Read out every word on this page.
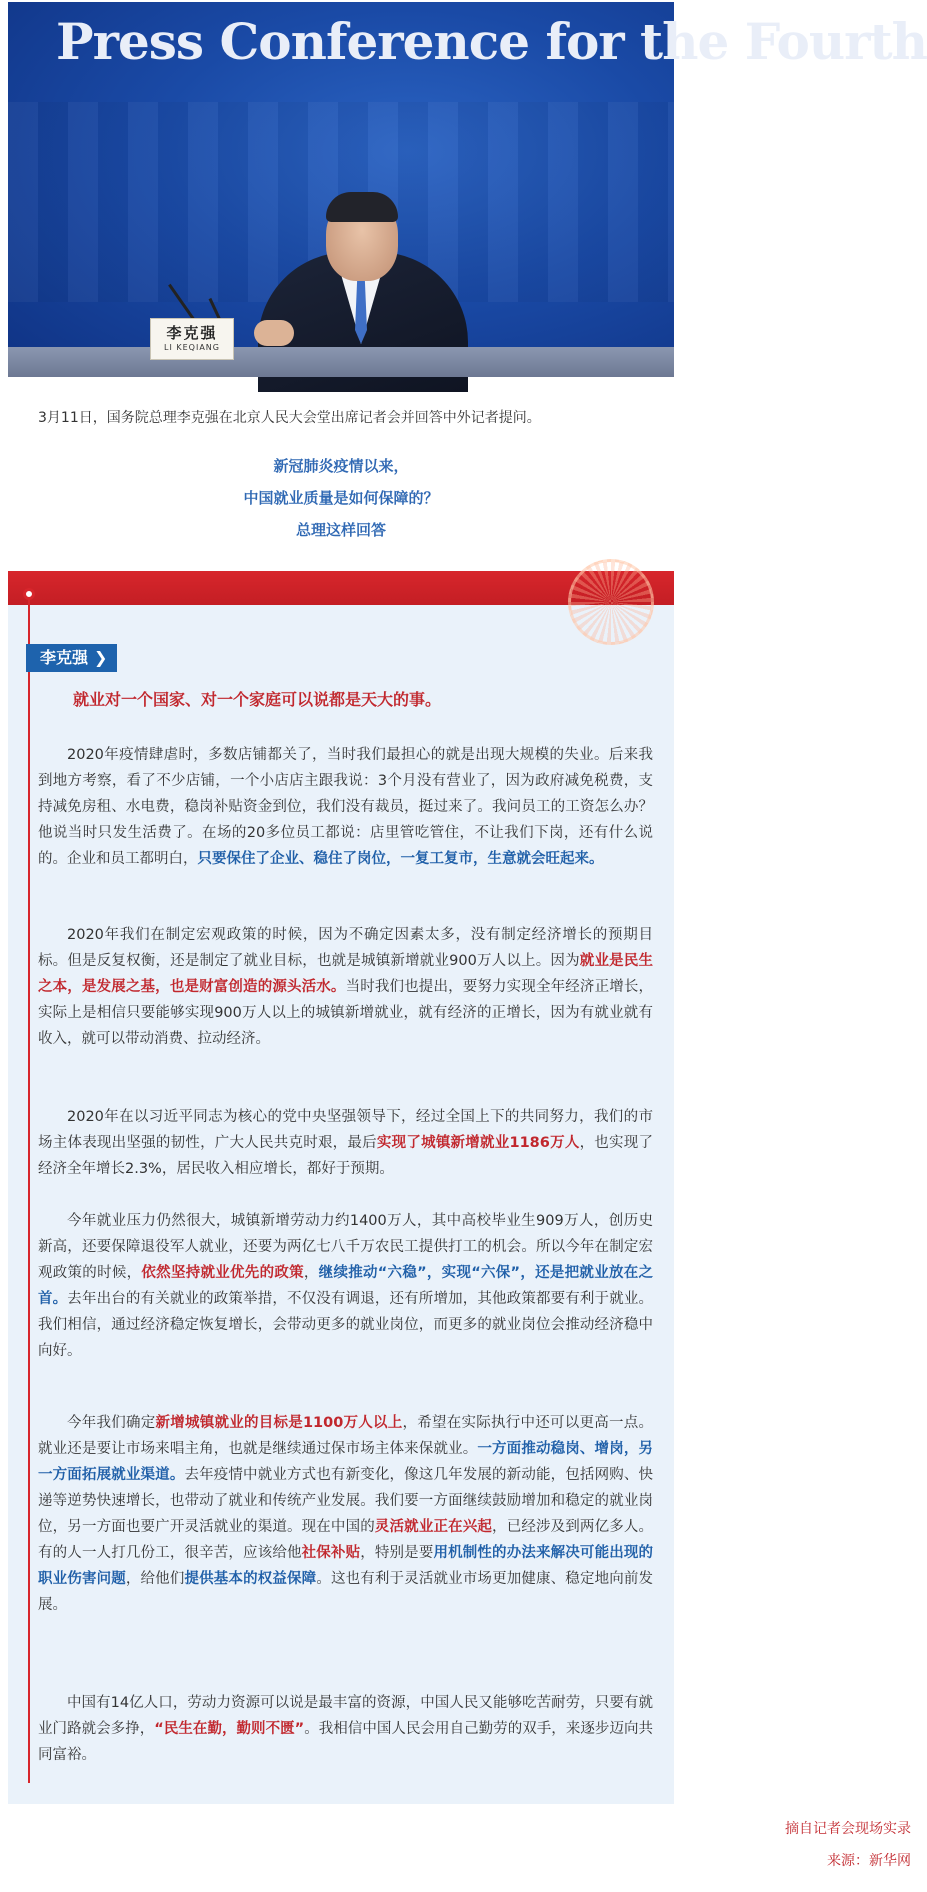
Press Conference for the Fourth
李克强
LI KEQIANG
3月11日，国务院总理李克强在北京人民大会堂出席记者会并回答中外记者提问。
新冠肺炎疫情以来，
中国就业质量是如何保障的？
总理这样回答
李克强 ❯
就业对一个国家、对一个家庭可以说都是天大的事。
2020年疫情肆虐时，多数店铺都关了，当时我们最担心的就是出现大规模的失业。后来我到地方考察，看了不少店铺，一个小店店主跟我说：3个月没有营业了，因为政府减免税费，支持减免房租、水电费，稳岗补贴资金到位，我们没有裁员，挺过来了。我问员工的工资怎么办？他说当时只发生活费了。在场的20多位员工都说：店里管吃管住，不让我们下岗，还有什么说的。企业和员工都明白，只要保住了企业、稳住了岗位，一复工复市，生意就会旺起来。
2020年我们在制定宏观政策的时候，因为不确定因素太多，没有制定经济增长的预期目标。但是反复权衡，还是制定了就业目标，也就是城镇新增就业900万人以上。因为就业是民生之本，是发展之基，也是财富创造的源头活水。当时我们也提出，要努力实现全年经济正增长，实际上是相信只要能够实现900万人以上的城镇新增就业，就有经济的正增长，因为有就业就有收入，就可以带动消费、拉动经济。
2020年在以习近平同志为核心的党中央坚强领导下，经过全国上下的共同努力，我们的市场主体表现出坚强的韧性，广大人民共克时艰，最后实现了城镇新增就业1186万人，也实现了经济全年增长2.3%，居民收入相应增长，都好于预期。
今年就业压力仍然很大，城镇新增劳动力约1400万人，其中高校毕业生909万人，创历史新高，还要保障退役军人就业，还要为两亿七八千万农民工提供打工的机会。所以今年在制定宏观政策的时候，依然坚持就业优先的政策，继续推动“六稳”，实现“六保”，还是把就业放在之首。去年出台的有关就业的政策举措，不仅没有调退，还有所增加，其他政策都要有利于就业。我们相信，通过经济稳定恢复增长，会带动更多的就业岗位，而更多的就业岗位会推动经济稳中向好。
今年我们确定新增城镇就业的目标是1100万人以上，希望在实际执行中还可以更高一点。就业还是要让市场来唱主角，也就是继续通过保市场主体来保就业。一方面推动稳岗、增岗，另一方面拓展就业渠道。去年疫情中就业方式也有新变化，像这几年发展的新动能，包括网购、快递等逆势快速增长，也带动了就业和传统产业发展。我们要一方面继续鼓励增加和稳定的就业岗位，另一方面也要广开灵活就业的渠道。现在中国的灵活就业正在兴起，已经涉及到两亿多人。有的人一人打几份工，很辛苦，应该给他社保补贴，特别是要用机制性的办法来解决可能出现的职业伤害问题，给他们提供基本的权益保障。这也有利于灵活就业市场更加健康、稳定地向前发展。
中国有14亿人口，劳动力资源可以说是最丰富的资源，中国人民又能够吃苦耐劳，只要有就业门路就会多挣，“民生在勤，勤则不匮”。我相信中国人民会用自己勤劳的双手，来逐步迈向共同富裕。
摘自记者会现场实录
来源：新华网
